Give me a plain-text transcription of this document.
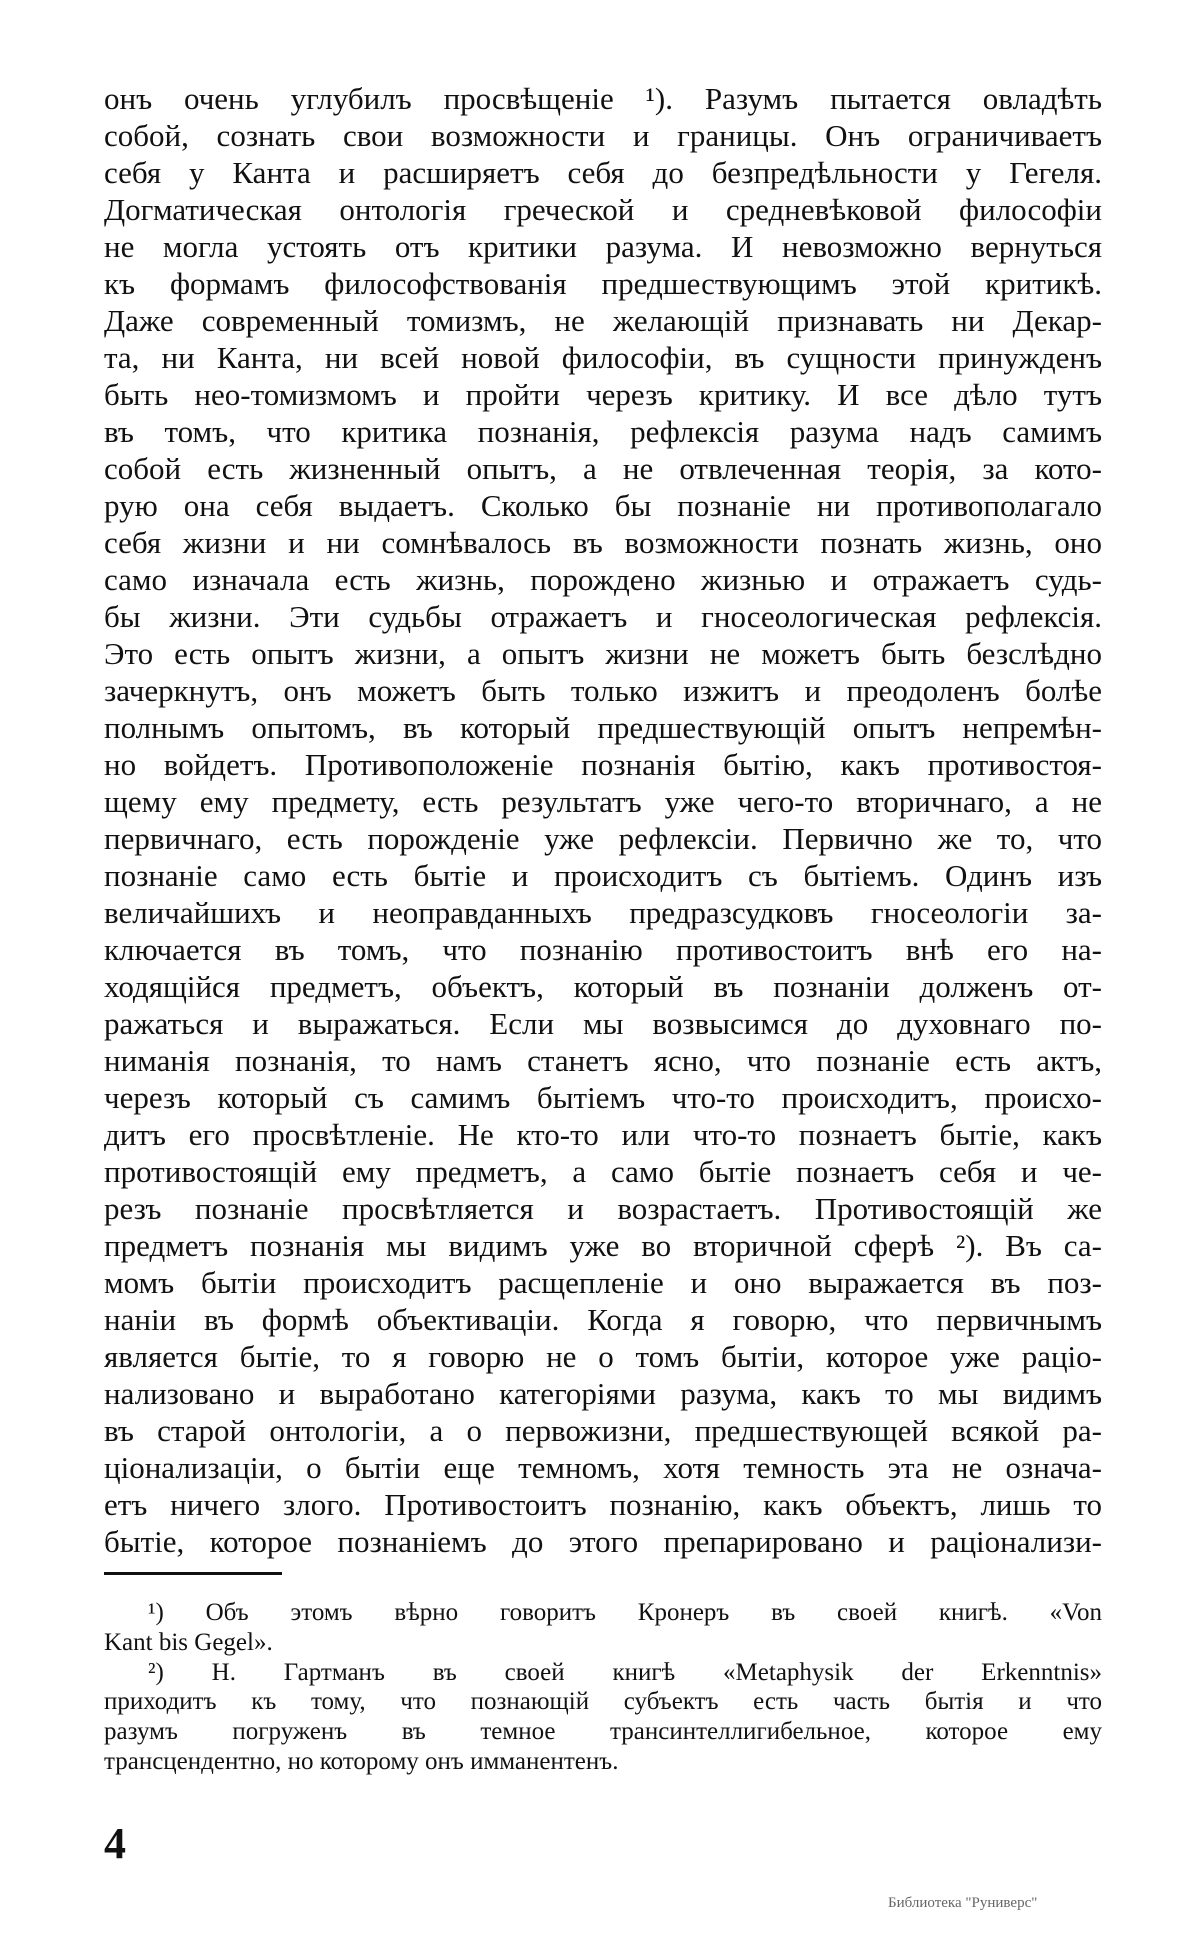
онъ очень углубилъ просвѣщеніе ¹). Разумъ пытается овладѣть
собой, сознать свои возможности и границы. Онъ ограничиваетъ
себя у Канта и расширяетъ себя до безпредѣльности у Гегеля.
Догматическая онтологія греческой и средневѣковой философіи
не могла устоять отъ критики разума. И невозможно вернуться
къ формамъ философствованія предшествующимъ этой критикѣ.
Даже современный томизмъ, не желающій признавать ни Декар-
та, ни Канта, ни всей новой философіи, въ сущности принужденъ
быть нео-томизмомъ и пройти черезъ критику. И все дѣло тутъ
въ томъ, что критика познанія, рефлексія разума надъ самимъ
собой есть жизненный опытъ, а не отвлеченная теорія, за кото-
рую она себя выдаетъ. Сколько бы познаніе ни противополагало
себя жизни и ни сомнѣвалось въ возможности познать жизнь, оно
само изначала есть жизнь, порождено жизнью и отражаетъ судь-
бы жизни. Эти судьбы отражаетъ и гносеологическая рефлексія.
Это есть опытъ жизни, а опытъ жизни не можетъ быть безслѣдно
зачеркнутъ, онъ можетъ быть только изжитъ и преодоленъ болѣе
полнымъ опытомъ, въ который предшествующій опытъ непремѣн-
но войдетъ. Противоположеніе познанія бытію, какъ противостоя-
щему ему предмету, есть результатъ уже чего-то вторичнаго, а не
первичнаго, есть порожденіе уже рефлексіи. Первично же то, что
познаніе само есть бытіе и происходитъ съ бытіемъ. Одинъ изъ
величайшихъ и неоправданныхъ предразсудковъ гносеологіи за-
ключается въ томъ, что познанію противостоитъ внѣ его на-
ходящійся предметъ, объектъ, который въ познаніи долженъ от-
ражаться и выражаться. Если мы возвысимся до духовнаго по-
ниманія познанія, то намъ станетъ ясно, что познаніе есть актъ,
черезъ который съ самимъ бытіемъ что-то происходитъ, происхо-
дитъ его просвѣтленіе. Не кто-то или что-то познаетъ бытіе, какъ
противостоящій ему предметъ, а само бытіе познаетъ себя и че-
резъ познаніе просвѣтляется и возрастаетъ. Противостоящій же
предметъ познанія мы видимъ уже во вторичной сферѣ ²). Въ са-
момъ бытіи происходитъ расщепленіе и оно выражается въ поз-
наніи въ формѣ объективаціи. Когда я говорю, что первичнымъ
является бытіе, то я говорю не о томъ бытіи, которое уже раціо-
нализовано и выработано категоріями разума, какъ то мы видимъ
въ старой онтологіи, а о первожизни, предшествующей всякой ра-
ціонализаціи, о бытіи еще темномъ, хотя темность эта не означа-
етъ ничего злого. Противостоитъ познанію, какъ объектъ, лишь то
бытіе, которое познаніемъ до этого препарировано и раціонализи-
¹) Объ этомъ вѣрно говоритъ Кронеръ въ своей книгѣ. «Von
Kant bis Gegel».
²) Н. Гартманъ въ своей книгѣ «Metaphysik der Erkenntnis»
приходитъ къ тому, что познающій субъектъ есть часть бытія и что
разумъ погруженъ въ темное трансинтеллигибельное, которое ему
трансцендентно, но которому онъ имманентенъ.
4
Библиотека "Руниверс"
